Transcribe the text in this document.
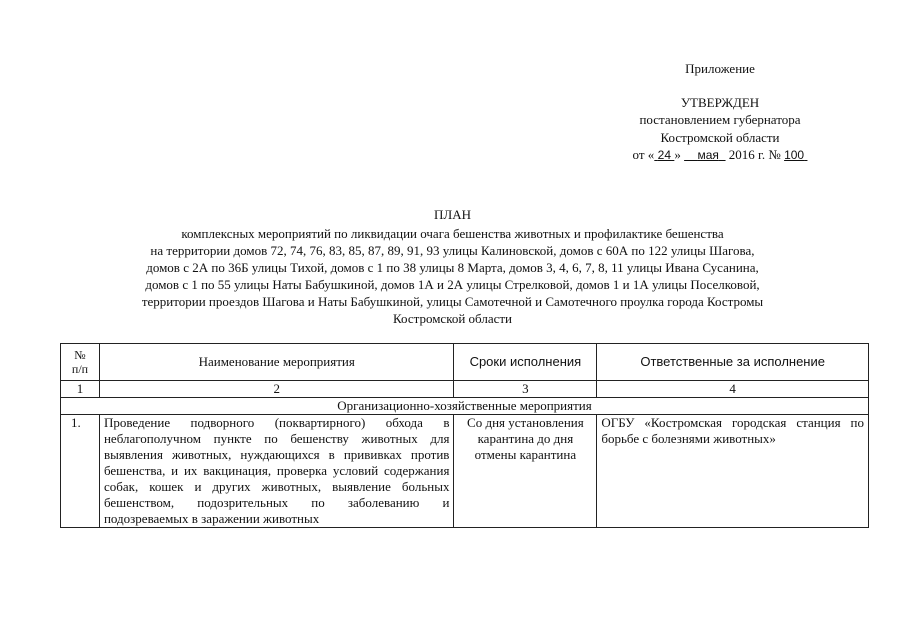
Приложение
УТВЕРЖДЕН
постановлением губернатора
Костромской области
от « 24 » мая 2016 г. № 100
ПЛАН
комплексных мероприятий по ликвидации очага бешенства животных и профилактике бешенства
на территории домов 72, 74, 76, 83, 85, 87, 89, 91, 93 улицы Калиновской, домов с 60А по 122 улицы Шагова,
домов с 2А по 36Б улицы Тихой, домов с 1 по 38 улицы 8 Марта, домов 3, 4, 6, 7, 8, 11 улицы Ивана Сусанина,
домов с 1 по 55 улицы Наты Бабушкиной, домов 1А и 2А улицы Стрелковой, домов 1 и 1А улицы Поселковой,
территории проездов Шагова и Наты Бабушкиной, улицы Самотечной и Самотечного проулка города Костромы
Костромской области
№
п/п	Наименование мероприятия	Сроки исполнения	Ответственные за исполнение
1	2	3	4
Организационно-хозяйственные мероприятия			
1.	Проведение подворного (поквартирного) обхода в неблагополучном пункте по бешенству животных для выявления животных, нуждающихся в прививках против бешенства, и их вакцинация, проверка условий содержания собак, кошек и других животных, выявление больных бешенством, подозрительных по заболеванию и подозреваемых в заражении животных	Со дня установления карантина до дня отмены карантина	ОГБУ «Костромская городская станция по борьбе с болезнями животных»
